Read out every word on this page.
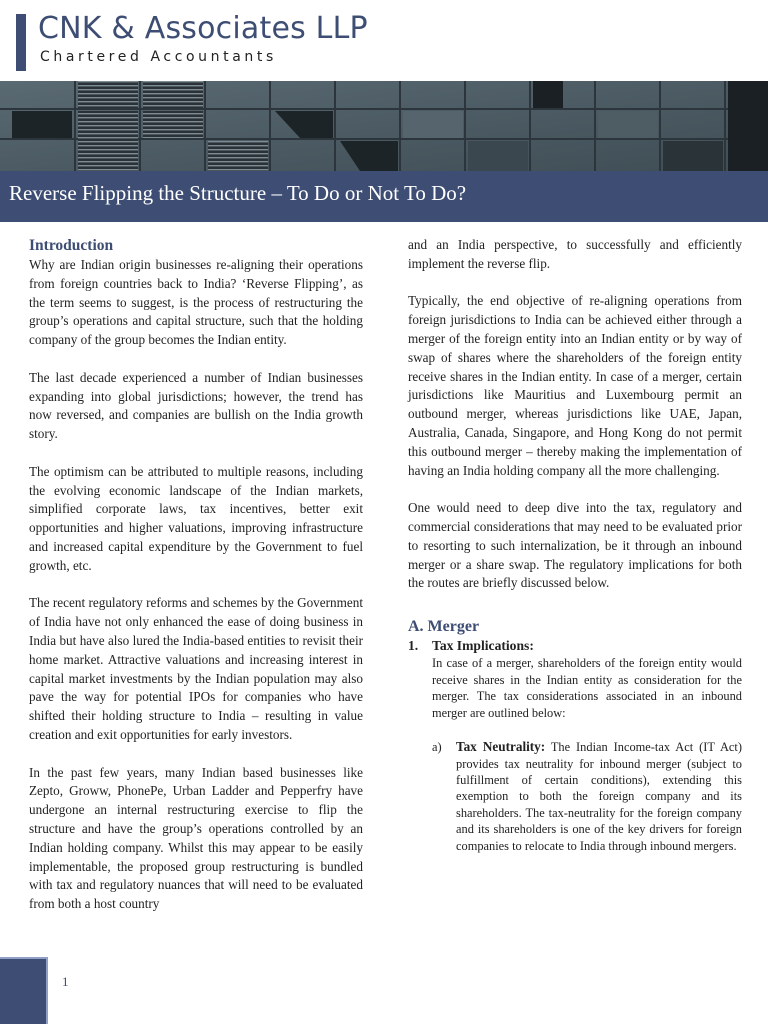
CNK & Associates LLP
Chartered Accountants
Reverse Flipping the Structure – To Do or Not To Do?
Introduction

Why are Indian origin businesses re-aligning their operations from foreign countries back to India? ‘Reverse Flipping’, as the term seems to suggest, is the process of restructuring the group’s operations and capital structure, such that the holding company of the group becomes the Indian entity.

The last decade experienced a number of Indian businesses expanding into global jurisdictions; however, the trend has now reversed, and companies are bullish on the India growth story.

The optimism can be attributed to multiple reasons, including the evolving economic landscape of the Indian markets, simplified corporate laws, tax incentives, better exit opportunities and higher valuations, improving infrastructure and increased capital expenditure by the Government to fuel growth, etc.

The recent regulatory reforms and schemes by the Government of India have not only enhanced the ease of doing business in India but have also lured the India-based entities to revisit their home market. Attractive valuations and increasing interest in capital market investments by the Indian population may also pave the way for potential IPOs for companies who have shifted their holding structure to India – resulting in value creation and exit opportunities for early investors.

In the past few years, many Indian based businesses like Zepto, Groww, PhonePe, Urban Ladder and Pepperfry have undergone an internal restructuring exercise to flip the structure and have the group’s operations controlled by an Indian holding company. Whilst this may appear to be easily implementable, the proposed group restructuring is bundled with tax and regulatory nuances that will need to be evaluated from both a host country

and an India perspective, to successfully and efficiently implement the reverse flip.

Typically, the end objective of re-aligning operations from foreign jurisdictions to India can be achieved either through a merger of the foreign entity into an Indian entity or by way of swap of shares where the shareholders of the foreign entity receive shares in the Indian entity. In case of a merger, certain jurisdictions like Mauritius and Luxembourg permit an outbound merger, whereas jurisdictions like UAE, Japan, Australia, Canada, Singapore, and Hong Kong do not permit this outbound merger – thereby making the implementation of having an India holding company all the more challenging.

One would need to deep dive into the tax, regulatory and commercial considerations that may need to be evaluated prior to resorting to such internalization, be it through an inbound merger or a share swap. The regulatory implications for both the routes are briefly discussed below.

A. Merger
1.	Tax Implications:
In case of a merger, shareholders of the foreign entity would receive shares in the Indian entity as consideration for the merger. The tax considerations associated in an inbound merger are outlined below:
a)	Tax Neutrality: The Indian Income-tax Act (IT Act) provides tax neutrality for inbound merger (subject to fulfillment of certain conditions), extending this exemption to both the foreign company and its shareholders. The tax-neutrality for the foreign company and its shareholders is one of the key drivers for foreign companies to relocate to India through inbound mergers.
1
